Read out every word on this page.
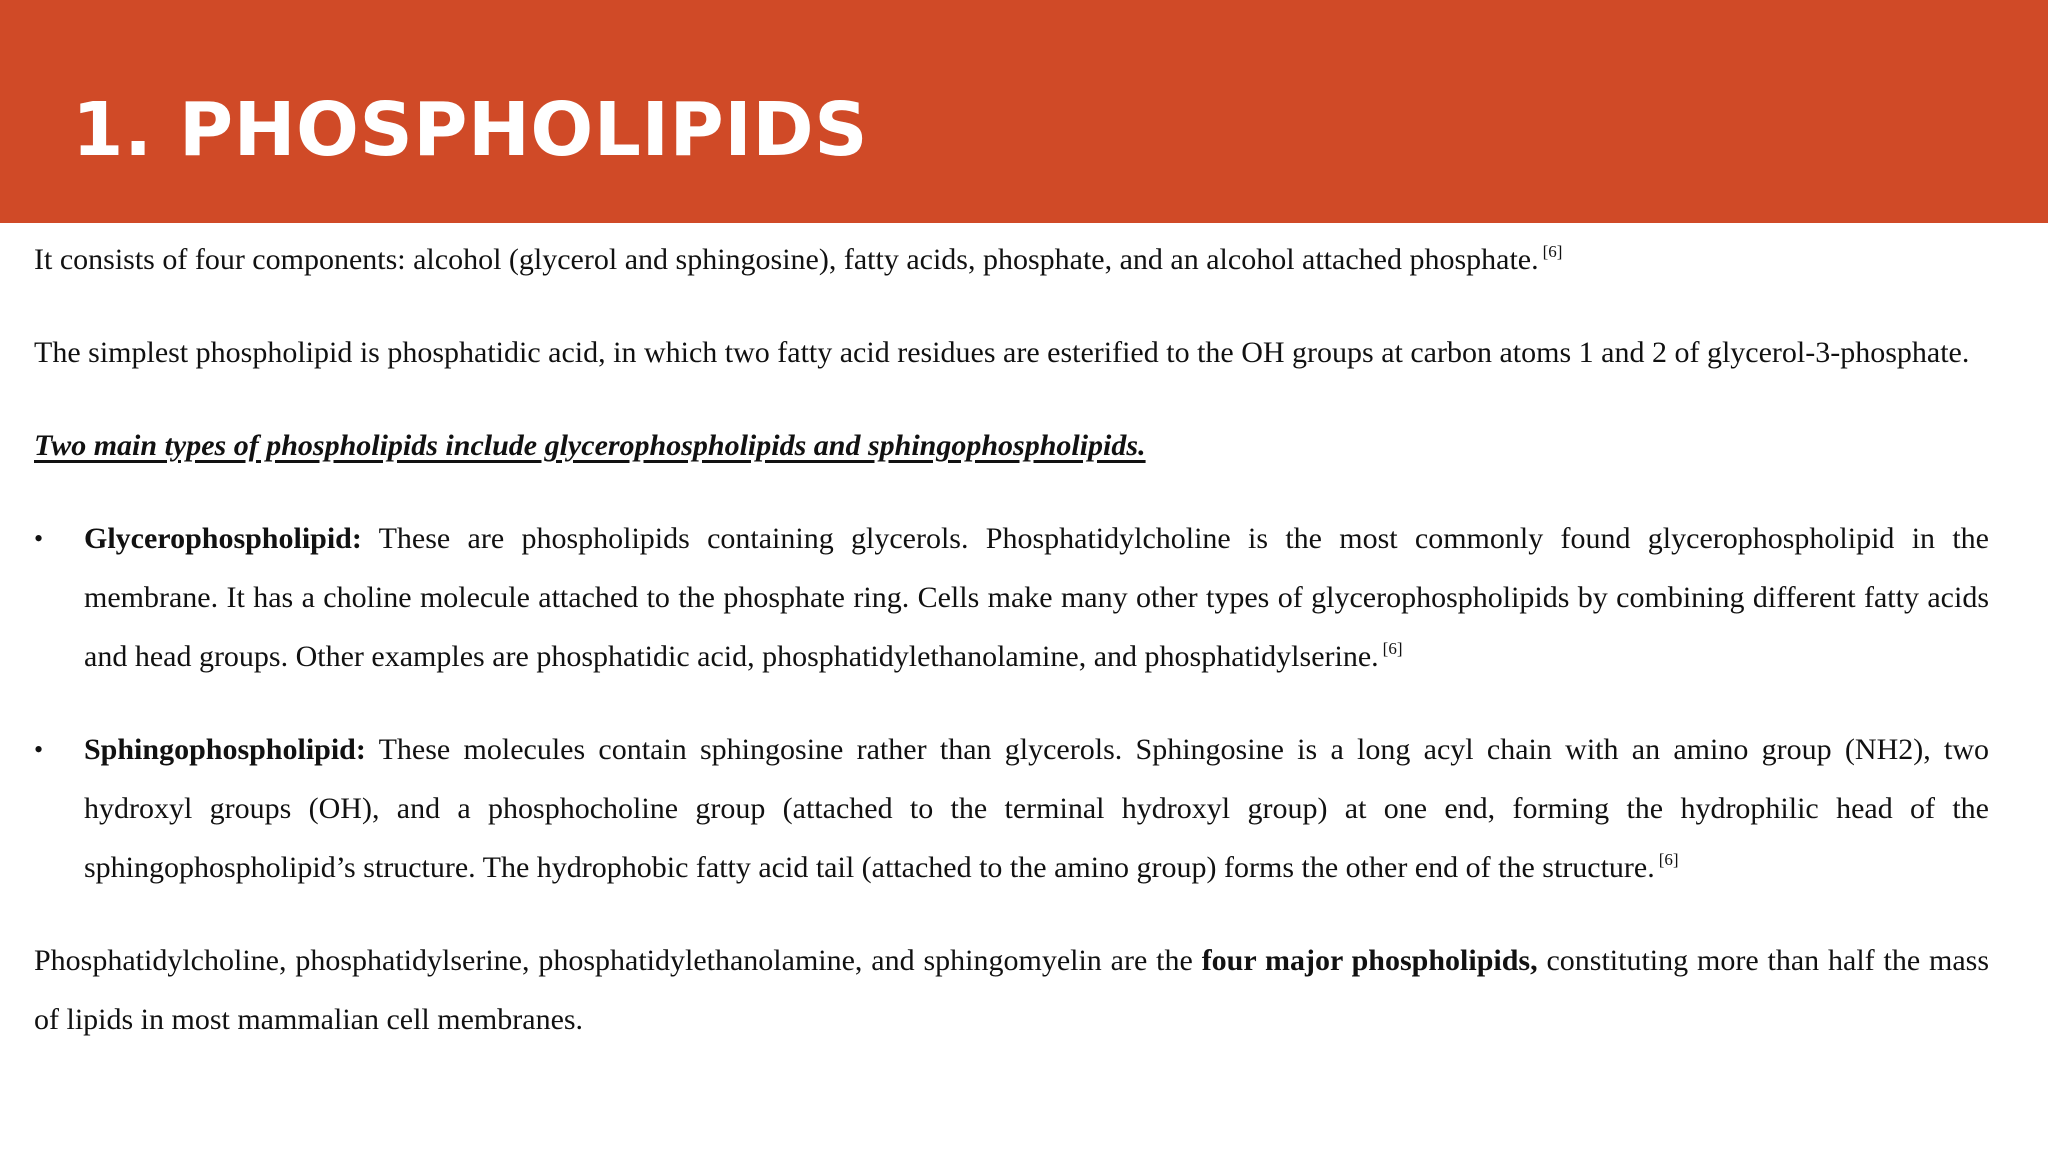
1. PHOSPHOLIPIDS

It consists of four components: alcohol (glycerol and sphingosine), fatty acids, phosphate, and an alcohol attached phosphate. [6]

The simplest phospholipid is phosphatidic acid, in which two fatty acid residues are esterified to the OH groups at carbon atoms 1 and 2 of glycerol-3-phosphate.

Two main types of phospholipids include glycerophospholipids and sphingophospholipids.

• Glycerophospholipid: These are phospholipids containing glycerols. Phosphatidylcholine is the most commonly found glycerophospholipid in the membrane. It has a choline molecule attached to the phosphate ring. Cells make many other types of glycerophospholipids by combining different fatty acids and head groups. Other examples are phosphatidic acid, phosphatidylethanolamine, and phosphatidylserine. [6]
• Sphingophospholipid: These molecules contain sphingosine rather than glycerols. Sphingosine is a long acyl chain with an amino group (NH2), two hydroxyl groups (OH), and a phosphocholine group (attached to the terminal hydroxyl group) at one end, forming the hydrophilic head of the sphingophospholipid’s structure. The hydrophobic fatty acid tail (attached to the amino group) forms the other end of the structure. [6]

Phosphatidylcholine, phosphatidylserine, phosphatidylethanolamine, and sphingomyelin are the four major phospholipids, constituting more than half the mass of lipids in most mammalian cell membranes.
